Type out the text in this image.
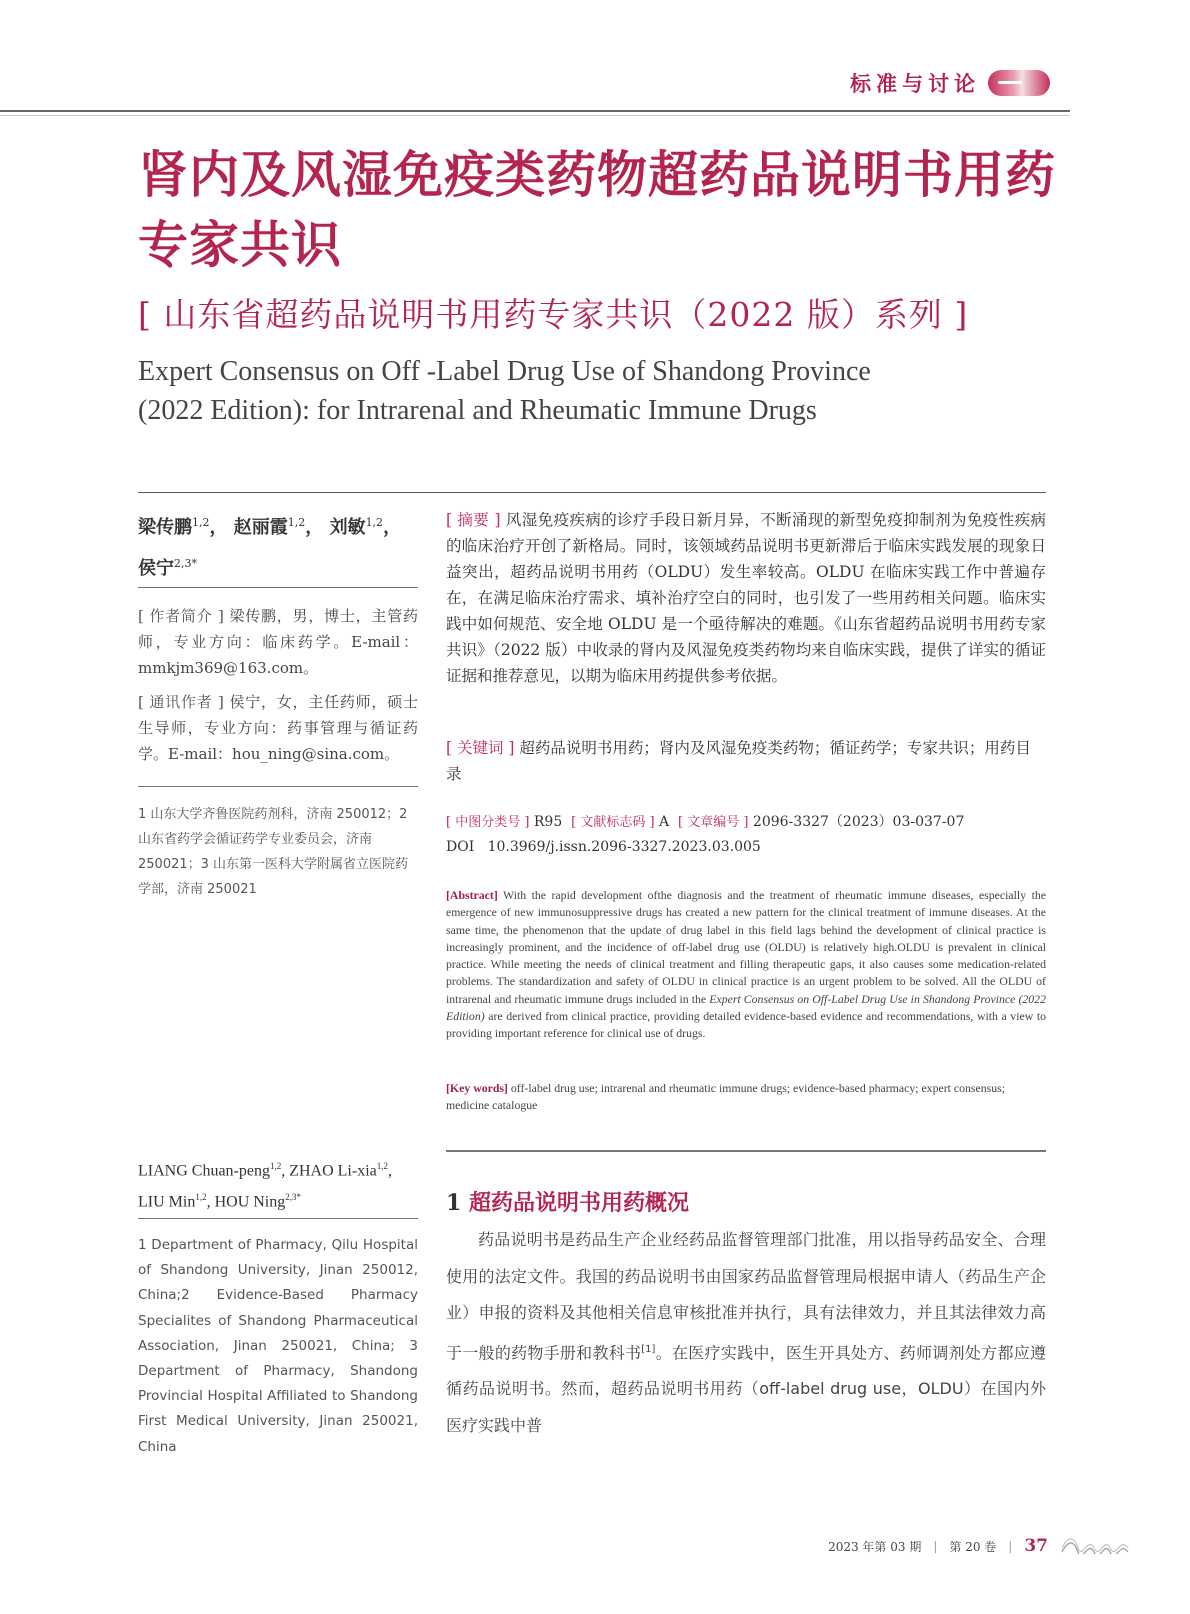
标准与讨论
肾内及风湿免疫类药物超药品说明书用药专家共识
[ 山东省超药品说明书用药专家共识（2022 版）系列 ]
Expert Consensus on Off -Label Drug Use of Shandong Province
(2022 Edition): for Intrarenal and Rheumatic Immune Drugs
梁传鹏$^{1,2}$， 赵丽霞$^{1,2}$， 刘敏$^{1,2}$，
侯宁$^{2,3*}$
[ 作者简介 ] 梁传鹏，男，博士，主管药师，专业方向：临床药学。E-mail：mmkjm369@163.com。
[ 通讯作者 ] 侯宁，女，主任药师，硕士生导师，专业方向：药事管理与循证药学。E-mail：hou_ning@sina.com。
1 山东大学齐鲁医院药剂科，济南 250012；2 山东省药学会循证药学专业委员会，济南 250021；3 山东第一医科大学附属省立医院药学部，济南 250021
LIANG Chuan-peng$^{1,2}$, ZHAO Li-xia$^{1,2}$,
LIU Min$^{1,2}$, HOU Ning$^{2,3*}$
1 Department of Pharmacy, Qilu Hospital of Shandong University, Jinan 250012, China;2 Evidence-Based Pharmacy Specialites of Shandong Pharmaceutical Association, Jinan 250021, China; 3 Department of Pharmacy, Shandong Provincial Hospital Affiliated to Shandong First Medical University, Jinan 250021, China
[ 摘要 ] 风湿免疫疾病的诊疗手段日新月异，不断涌现的新型免疫抑制剂为免疫性疾病的临床治疗开创了新格局。同时，该领域药品说明书更新滞后于临床实践发展的现象日益突出，超药品说明书用药（OLDU）发生率较高。OLDU 在临床实践工作中普遍存在，在满足临床治疗需求、填补治疗空白的同时，也引发了一些用药相关问题。临床实践中如何规范、安全地 OLDU 是一个亟待解决的难题。《山东省超药品说明书用药专家共识》（2022 版）中收录的肾内及风湿免疫类药物均来自临床实践，提供了详实的循证证据和推荐意见，以期为临床用药提供参考依据。
[ 关键词 ] 超药品说明书用药；肾内及风湿免疫类药物；循证药学；专家共识；用药目录
[ 中图分类号 ] R95 [ 文献标志码 ] A [ 文章编号 ] 2096-3327（2023）03-037-07
DOI 10.3969/j.issn.2096-3327.2023.03.005
[Abstract] With the rapid development ofthe diagnosis and the treatment of rheumatic immune diseases, especially the emergence of new immunosuppressive drugs has created a new pattern for the clinical treatment of immune diseases. At the same time, the phenomenon that the update of drug label in this field lags behind the development of clinical practice is increasingly prominent, and the incidence of off-label drug use (OLDU) is relatively high.OLDU is prevalent in clinical practice. While meeting the needs of clinical treatment and filling therapeutic gaps, it also causes some medication-related problems. The standardization and safety of OLDU in clinical practice is an urgent problem to be solved. All the OLDU of intrarenal and rheumatic immune drugs included in the Expert Consensus on Off-Label Drug Use in Shandong Province (2022 Edition) are derived from clinical practice, providing detailed evidence-based evidence and recommendations, with a view to providing important reference for clinical use of drugs.
[Key words] off-label drug use; intrarenal and rheumatic immune drugs; evidence-based pharmacy; expert consensus; medicine catalogue
1 超药品说明书用药概况
药品说明书是药品生产企业经药品监督管理部门批准，用以指导药品安全、合理使用的法定文件。我国的药品说明书由国家药品监督管理局根据申请人（药品生产企业）申报的资料及其他相关信息审核批准并执行，具有法律效力，并且其法律效力高于一般的药物手册和教科书[1]。在医疗实践中，医生开具处方、药师调剂处方都应遵循药品说明书。然而，超药品说明书用药（off-label drug use，OLDU）在国内外医疗实践中普
2023 年第 03 期 | 第 20 卷 | 37
